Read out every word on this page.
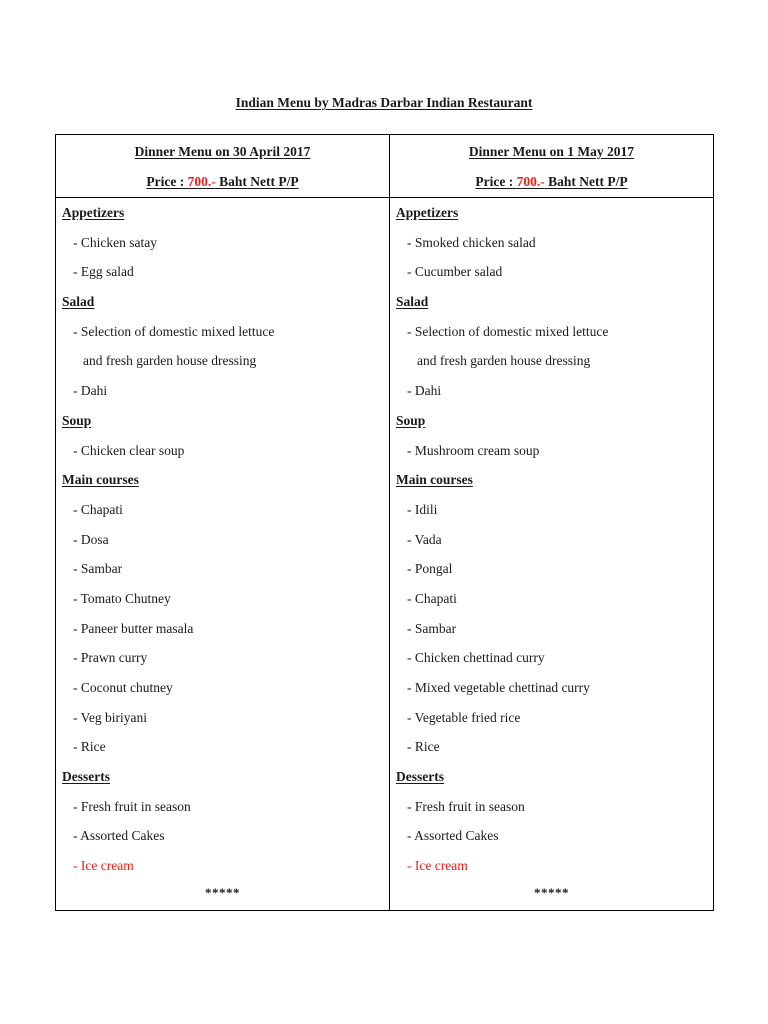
Indian Menu by Madras Darbar Indian Restaurant
Dinner Menu on 30 April 2017
Price : 700.- Baht Nett P/P
Appetizers
- Chicken satay
- Egg salad
Salad
- Selection of domestic mixed lettuce
and fresh garden house dressing
- Dahi
Soup
- Chicken clear soup
Main courses
- Chapati
- Dosa
- Sambar
- Tomato Chutney
- Paneer butter masala
- Prawn curry
- Coconut chutney
- Veg biriyani
- Rice
Desserts
- Fresh fruit in season
- Assorted Cakes
- Ice cream
*****
Dinner Menu on 1 May 2017
Price : 700.- Baht Nett P/P
Appetizers
- Smoked chicken salad
- Cucumber salad
Salad
- Selection of domestic mixed lettuce
and fresh garden house dressing
- Dahi
Soup
- Mushroom cream soup
Main courses
- Idili
- Vada
- Pongal
- Chapati
- Sambar
- Chicken chettinad curry
- Mixed vegetable chettinad curry
- Vegetable fried rice
- Rice
Desserts
- Fresh fruit in season
- Assorted Cakes
- Ice cream
*****
